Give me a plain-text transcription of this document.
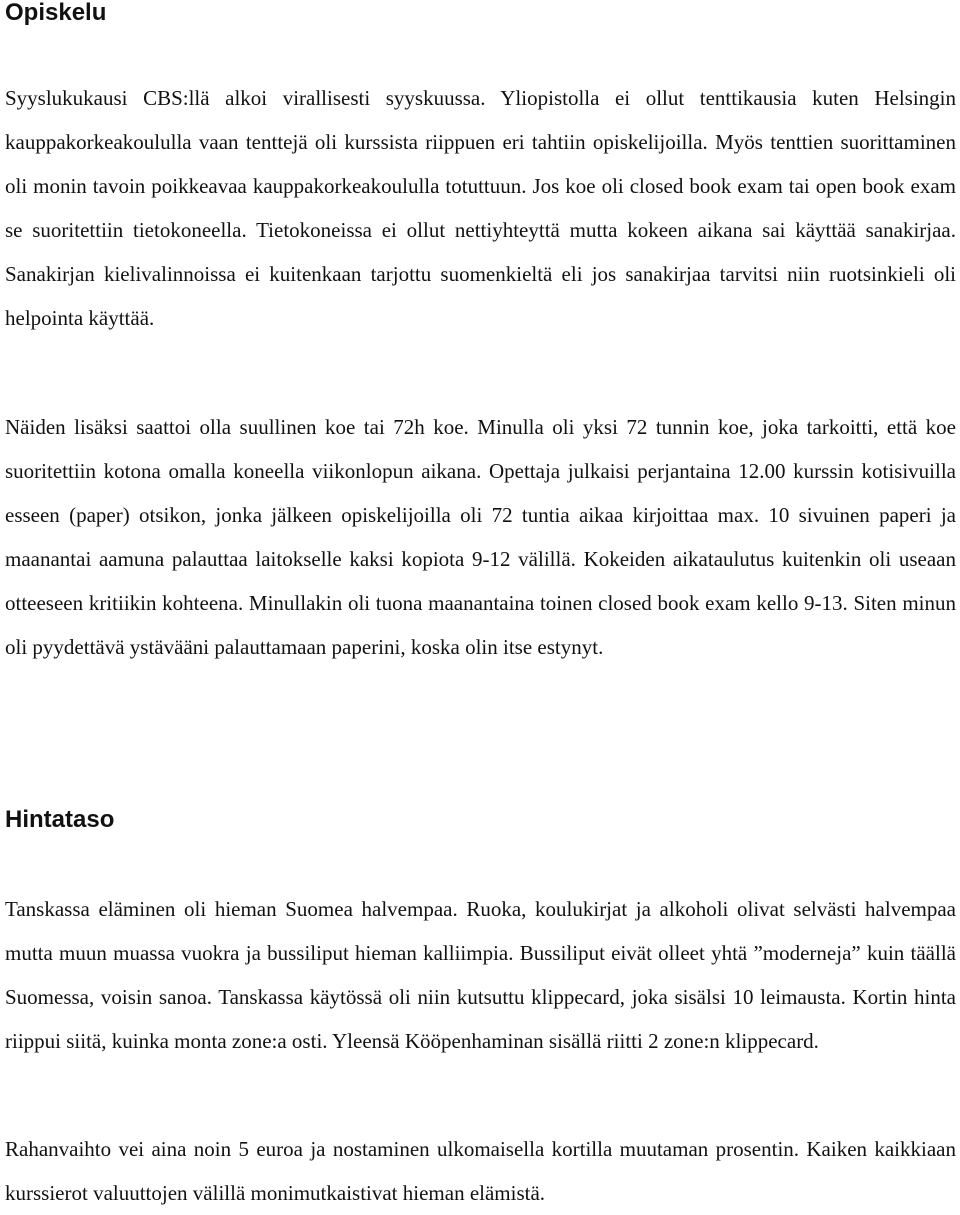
Opiskelu

Syyslukukausi CBS:llä alkoi virallisesti syyskuussa. Yliopistolla ei ollut tenttikausia kuten Helsingin kauppakorkeakoululla vaan tenttejä oli kurssista riippuen eri tahtiin opiskelijoilla. Myös tenttien suorittaminen oli monin tavoin poikkeavaa kauppakorkeakoululla totuttuun. Jos koe oli closed book exam tai open book exam se suoritettiin tietokoneella. Tietokoneissa ei ollut nettiyhteyttä mutta kokeen aikana sai käyttää sanakirjaa. Sanakirjan kielivalinnoissa ei kuitenkaan tarjottu suomenkieltä eli jos sanakirjaa tarvitsi niin ruotsinkieli oli helpointa käyttää.

Näiden lisäksi saattoi olla suullinen koe tai 72h koe. Minulla oli yksi 72 tunnin koe, joka tarkoitti, että koe suoritettiin kotona omalla koneella viikonlopun aikana. Opettaja julkaisi perjantaina 12.00 kurssin kotisivuilla esseen (paper) otsikon, jonka jälkeen opiskelijoilla oli 72 tuntia aikaa kirjoittaa max. 10 sivuinen paperi ja maanantai aamuna palauttaa laitokselle kaksi kopiota 9-12 välillä. Kokeiden aikataulutus kuitenkin oli useaan otteeseen kritiikin kohteena. Minullakin oli tuona maanantaina toinen closed book exam kello 9-13. Siten minun oli pyydettävä ystävääni palauttamaan paperini, koska olin itse estynyt.

Hintataso

Tanskassa eläminen oli hieman Suomea halvempaa. Ruoka, koulukirjat ja alkoholi olivat selvästi halvempaa mutta muun muassa vuokra ja bussiliput hieman kalliimpia. Bussiliput eivät olleet yhtä ”moderneja” kuin täällä Suomessa, voisin sanoa. Tanskassa käytössä oli niin kutsuttu klippecard, joka sisälsi 10 leimausta. Kortin hinta riippui siitä, kuinka monta zone:a osti. Yleensä Kööpenhaminan sisällä riitti 2 zone:n klippecard.

Rahanvaihto vei aina noin 5 euroa ja nostaminen ulkomaisella kortilla muutaman prosentin. Kaiken kaikkiaan kurssierot valuuttojen välillä monimutkaistivat hieman elämistä.
